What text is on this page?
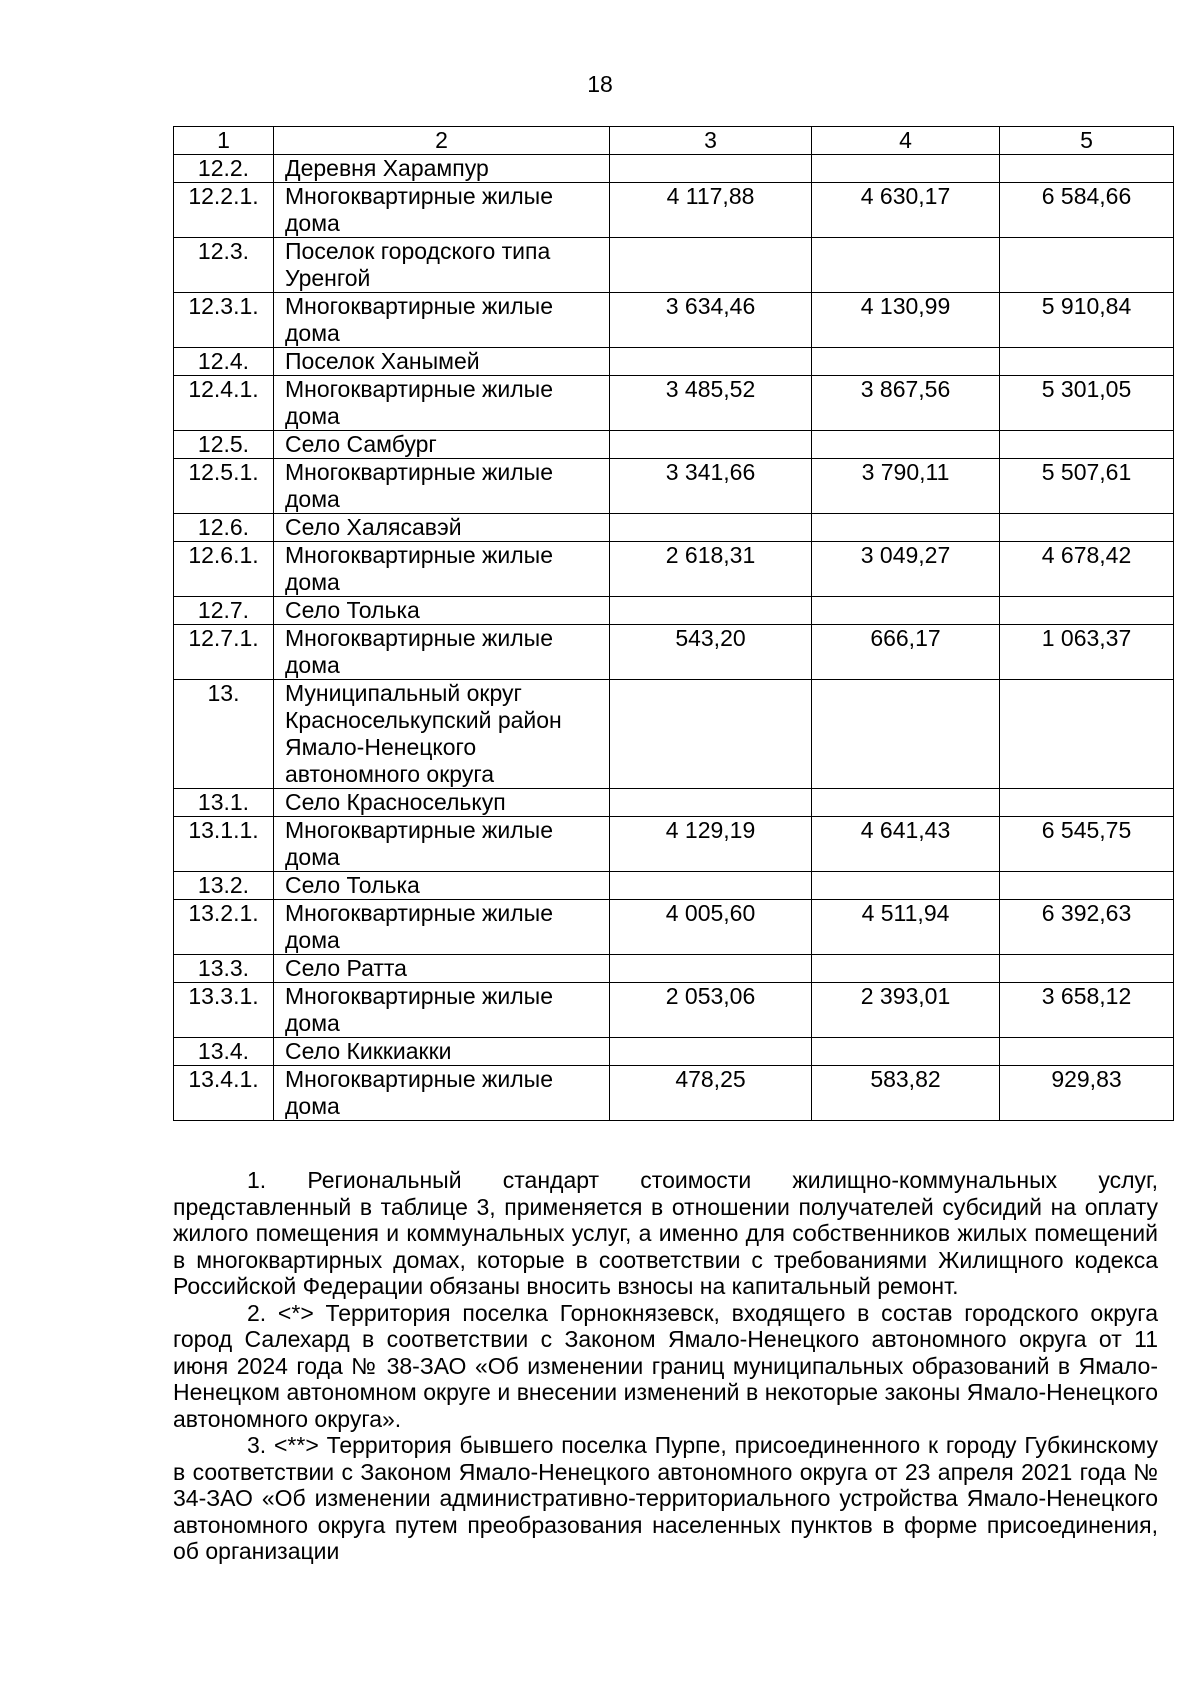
18
1	2	3	4	5
12.2.	Деревня Харампур			
12.2.1.	Многоквартирные жилые дома	4 117,88	4 630,17	6 584,66
12.3.	Поселок городского типа Уренгой			
12.3.1.	Многоквартирные жилые дома	3 634,46	4 130,99	5 910,84
12.4.	Поселок Ханымей			
12.4.1.	Многоквартирные жилые дома	3 485,52	3 867,56	5 301,05
12.5.	Село Самбург			
12.5.1.	Многоквартирные жилые дома	3 341,66	3 790,11	5 507,61
12.6.	Село Халясавэй			
12.6.1.	Многоквартирные жилые дома	2 618,31	3 049,27	4 678,42
12.7.	Село Толька			
12.7.1.	Многоквартирные жилые дома	543,20	666,17	1 063,37
13.	Муниципальный округ Красноселькупский район Ямало-Ненецкого автономного округа			
13.1.	Село Красноселькуп			
13.1.1.	Многоквартирные жилые дома	4 129,19	4 641,43	6 545,75
13.2.	Село Толька			
13.2.1.	Многоквартирные жилые дома	4 005,60	4 511,94	6 392,63
13.3.	Село Ратта			
13.3.1.	Многоквартирные жилые дома	2 053,06	2 393,01	3 658,12
13.4.	Село Киккиакки			
13.4.1.	Многоквартирные жилые дома	478,25	583,82	929,83

1. Региональный стандарт стоимости жилищно-коммунальных услуг, представленный в таблице 3, применяется в отношении получателей субсидий на оплату жилого помещения и коммунальных услуг, а именно для собственников жилых помещений в многоквартирных домах, которые в соответствии с требованиями Жилищного кодекса Российской Федерации обязаны вносить взносы на капитальный ремонт.

2. <*> Территория поселка Горнокнязевск, входящего в состав городского округа город Салехард в соответствии с Законом Ямало-Ненецкого автономного округа от 11 июня 2024 года № 38-ЗАО «Об изменении границ муниципальных образований в Ямало-Ненецком автономном округе и внесении изменений в некоторые законы Ямало-Ненецкого автономного округа».

3. <**> Территория бывшего поселка Пурпе, присоединенного к городу Губкинскому в соответствии с Законом Ямало-Ненецкого автономного округа от 23 апреля 2021 года № 34-ЗАО «Об изменении административно-территориального устройства Ямало-Ненецкого автономного округа путем преобразования населенных пунктов в форме присоединения, об организации
